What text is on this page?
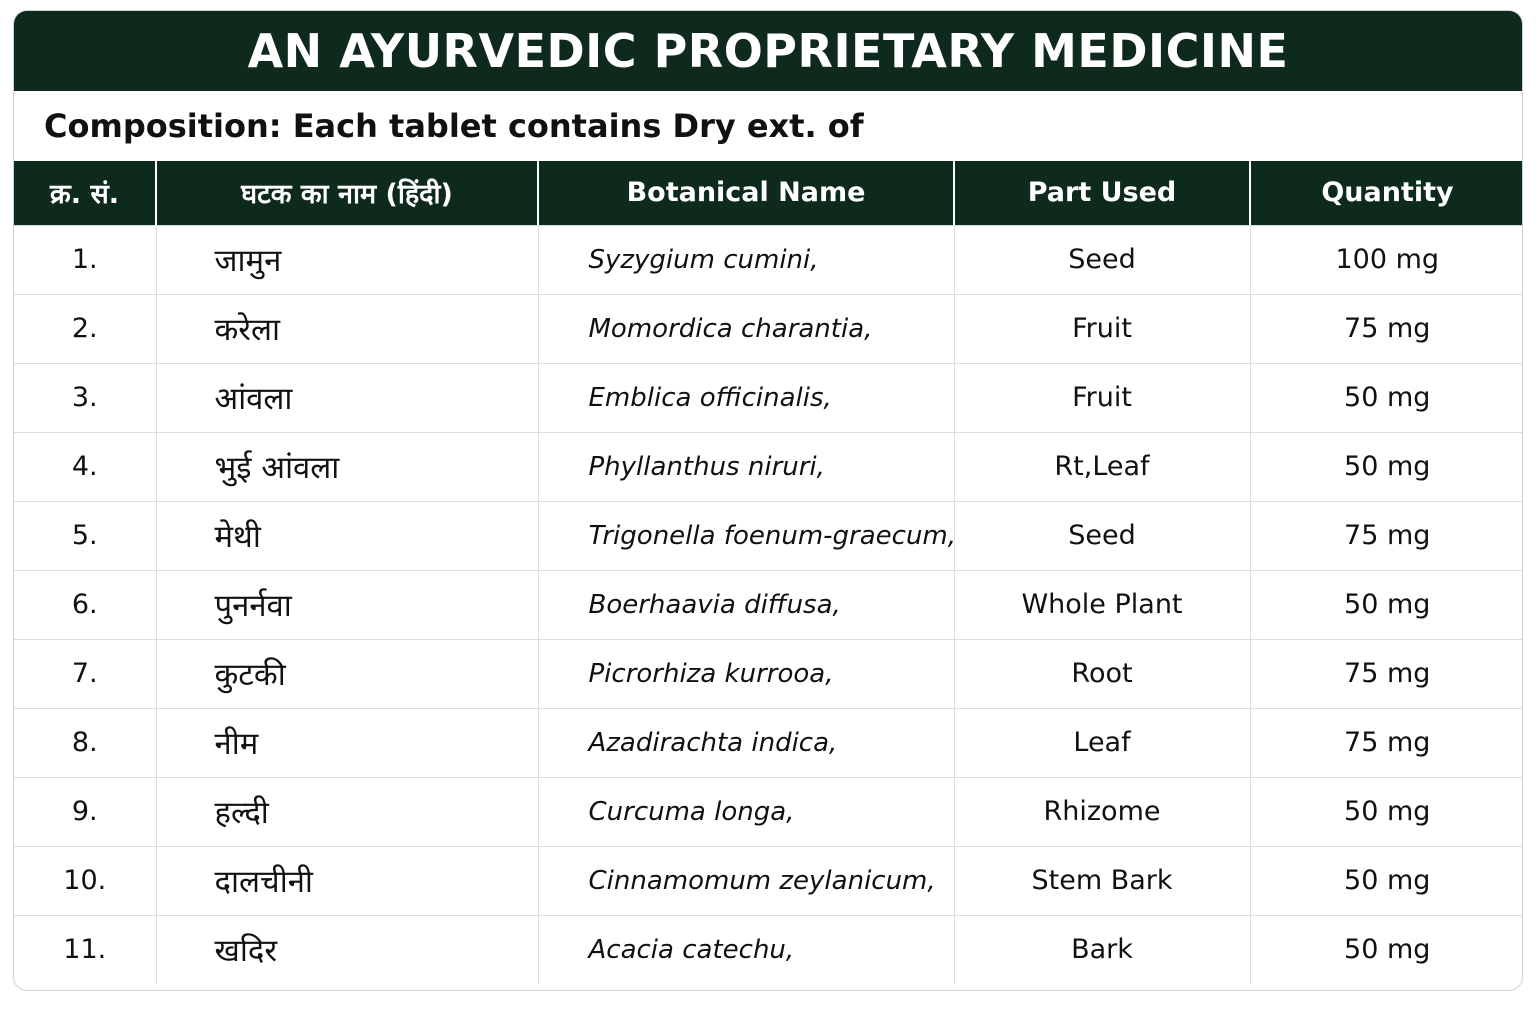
AN AYURVEDIC PROPRIETARY MEDICINE
Composition: Each tablet contains Dry ext. of
क्र. सं.	घटक का नाम (हिंदी)	Botanical Name	Part Used	Quantity
1.	जामुन	Syzygium cumini,	Seed	100 mg
2.	करेला	Momordica charantia,	Fruit	75 mg
3.	आंवला	Emblica officinalis,	Fruit	50 mg
4.	भुई आंवला	Phyllanthus niruri,	Rt,Leaf	50 mg
5.	मेथी	Trigonella foenum-graecum,	Seed	75 mg
6.	पुनर्नवा	Boerhaavia diffusa,	Whole Plant	50 mg
7.	कुटकी	Picrorhiza kurrooa,	Root	75 mg
8.	नीम	Azadirachta indica,	Leaf	75 mg
9.	हल्दी	Curcuma longa,	Rhizome	50 mg
10.	दालचीनी	Cinnamomum zeylanicum,	Stem Bark	50 mg
11.	खदिर	Acacia catechu,	Bark	50 mg
